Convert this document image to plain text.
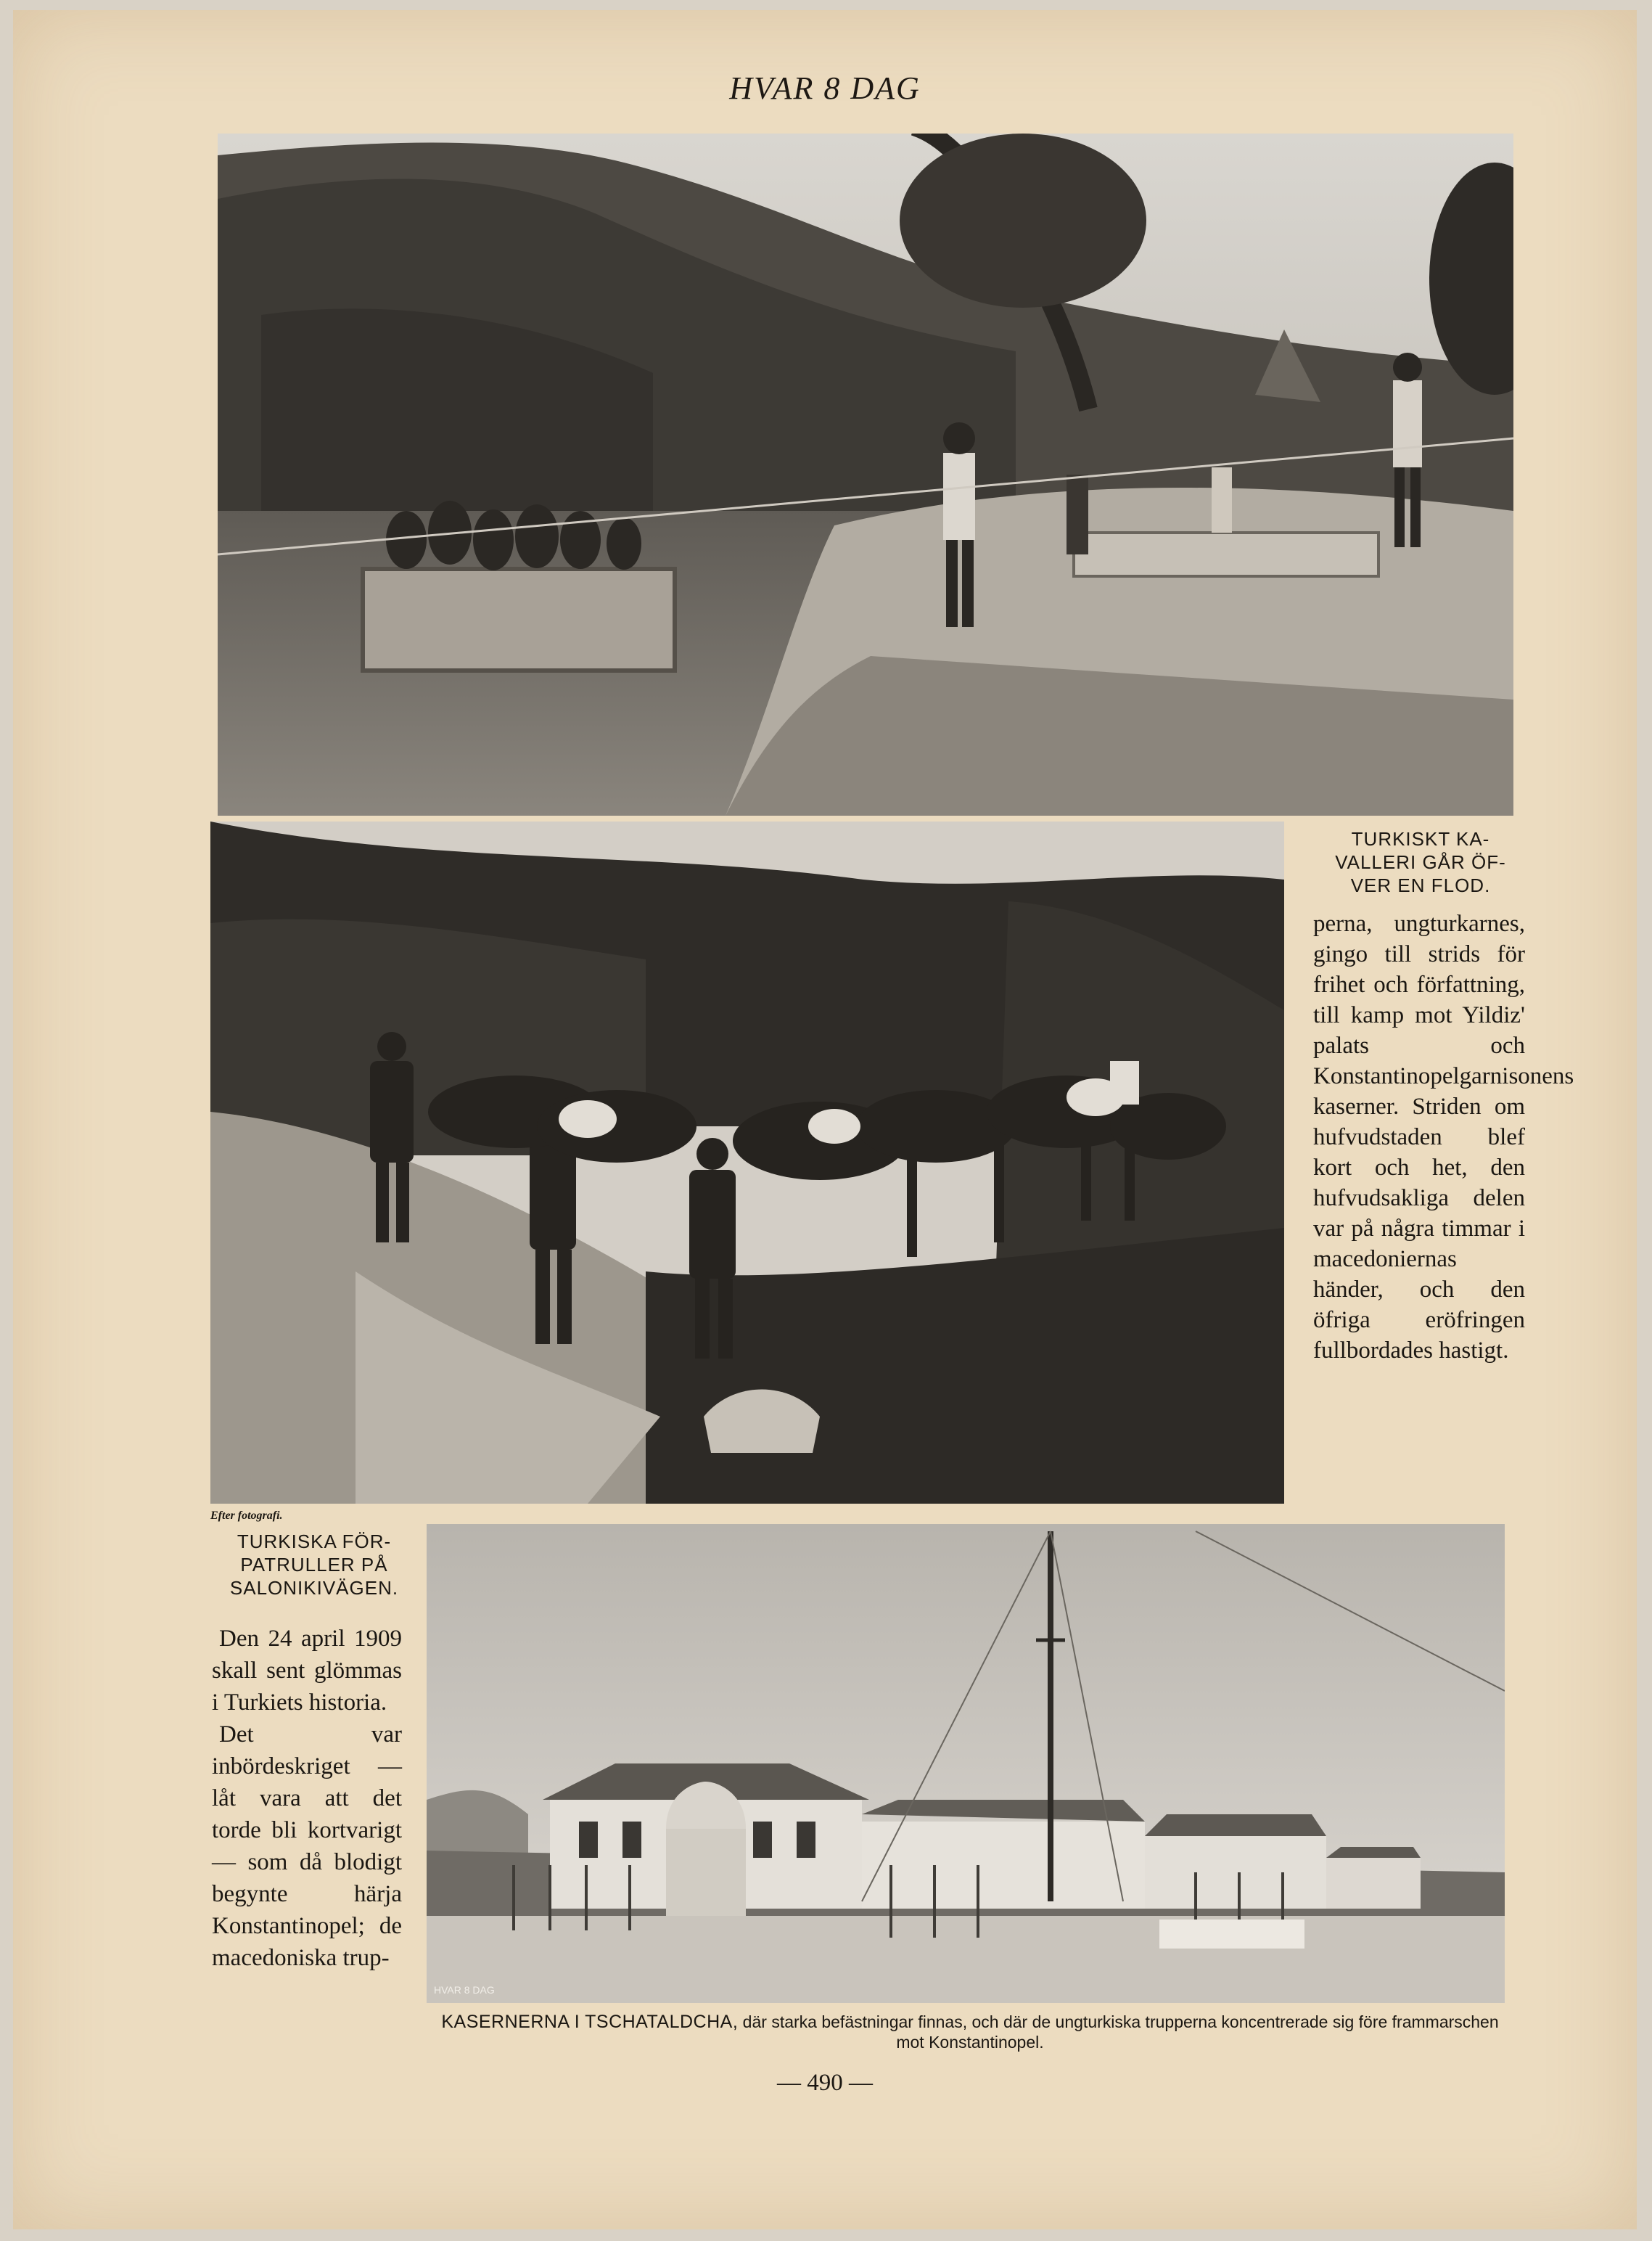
HVAR 8 DAG
HVAR 8 DAG
TURKISKT KA-
VALLERI GÅR ÖF-
VER EN FLOD.

perna, ungturkarnes, gingo till strids för frihet och författning, till kamp mot Yildiz' palats och Konstantinopelgarnisonens kaserner. Striden om hufvudstaden blef kort och het, den hufvudsakliga delen var på några timmar i macedoniernas händer, och den öfriga eröfringen fullbordades hastigt.

Efter fotografi.
TURKISKA FÖR-
PATRULLER PÅ
SALONIKIVÄGEN.

Den 24 april 1909 skall sent glömmas i Turkiets historia.

Det var inbördeskriget — låt vara att det torde bli kortvarigt — som då blodigt begynte härja Konstantinopel; de macedoniska trup-

KASERNERNA I TSCHATALDCHA, där starka befästningar finnas, och där de ungturkiska trupperna koncentrerade sig före frammarschen mot Konstantinopel.
— 490 —
